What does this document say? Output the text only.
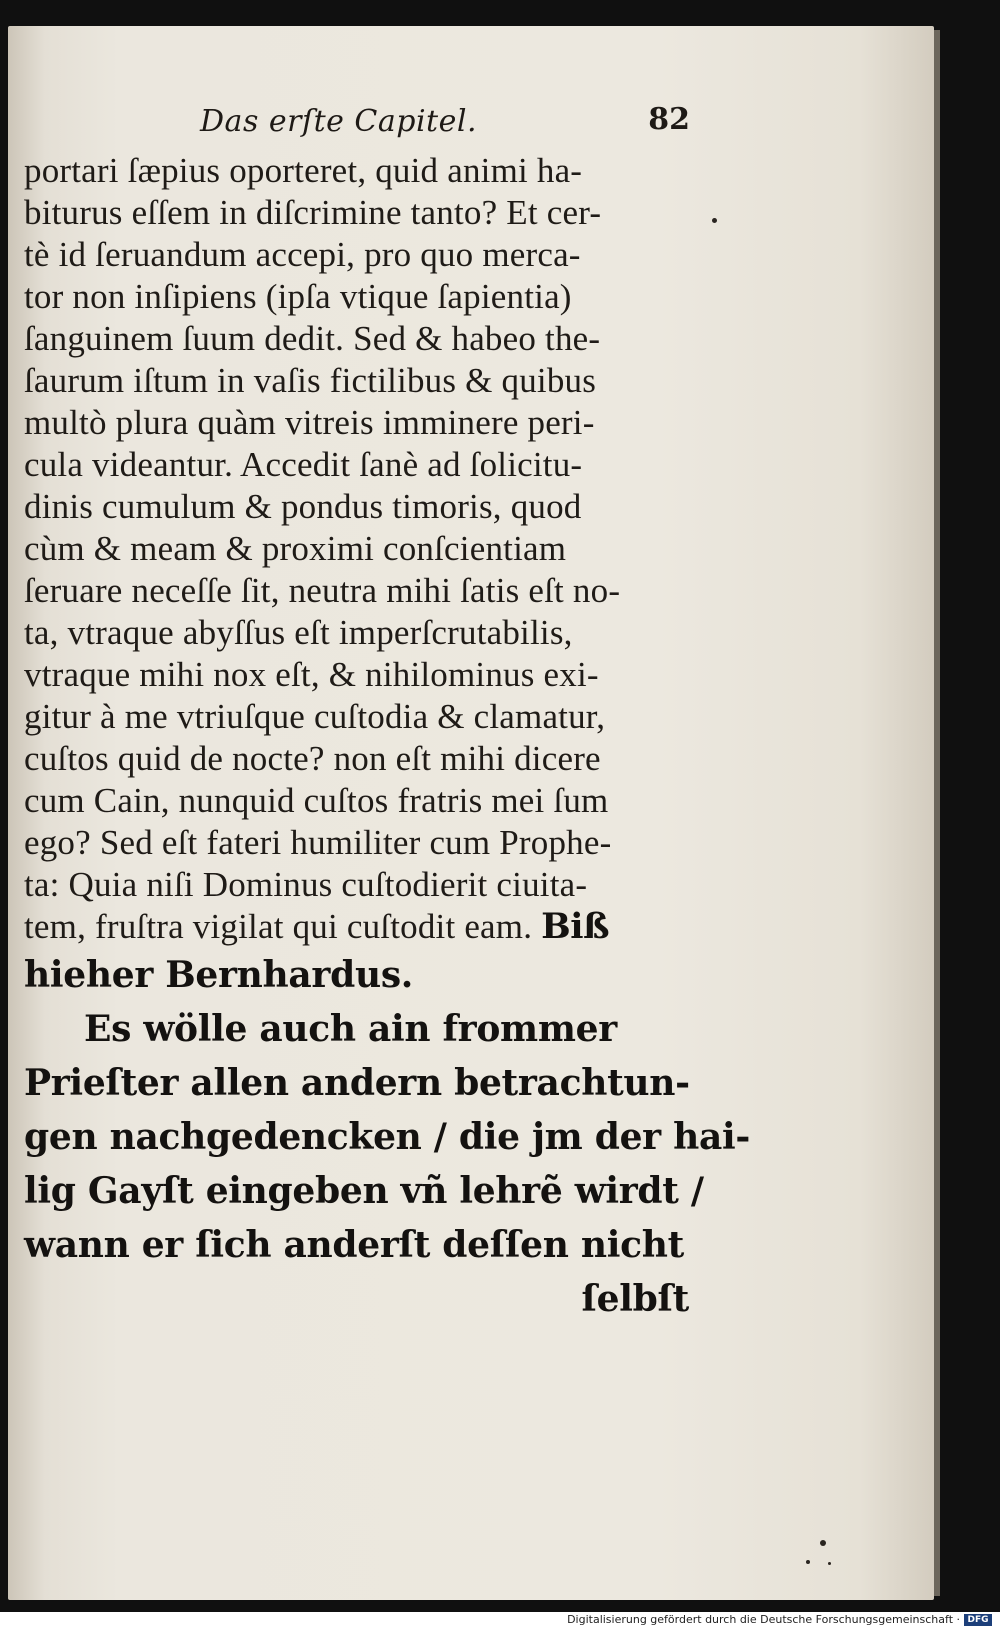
Das erſte Capitel.	82
portari ſæpius oporteret, quid animi ha-
biturus eſſem in diſcrimine tanto? Et cer-
tè id ſeruandum accepi, pro quo merca-
tor non inſipiens (ipſa vtique ſapientia)
ſanguinem ſuum dedit. Sed & habeo the-
ſaurum iſtum in vaſis fictilibus & quibus
multò plura quàm vitreis imminere peri-
cula videantur. Accedit ſanè ad ſolicitu-
dinis cumulum & pondus timoris, quod
cùm & meam & proximi conſcientiam
ſeruare neceſſe ſit, neutra mihi ſatis eſt no-
ta, vtraque abyſſus eſt imperſcrutabilis,
vtraque mihi nox eſt, & nihilominus exi-
gitur à me vtriuſque cuſtodia & clamatur,
cuſtos quid de nocte? non eſt mihi dicere
cum Cain, nunquid cuſtos fratris mei ſum
ego? Sed eſt fateri humiliter cum Prophe-
ta: Quia niſi Dominus cuſtodierit ciuita-
tem, fruſtra vigilat qui cuſtodit eam. Biß
hieher Bernhardus.
Es wölle auch ain frommer
Prieſter allen andern betrachtun-
gen nachgedencken / die jm der hai-
lig Gayſt eingeben vñ lehrẽ wirdt /
wann er ſich anderſt deſſen nicht
ſelbſt
Digitalisierung gefördert durch die Deutsche Forschungsgemeinschaft · DFG
